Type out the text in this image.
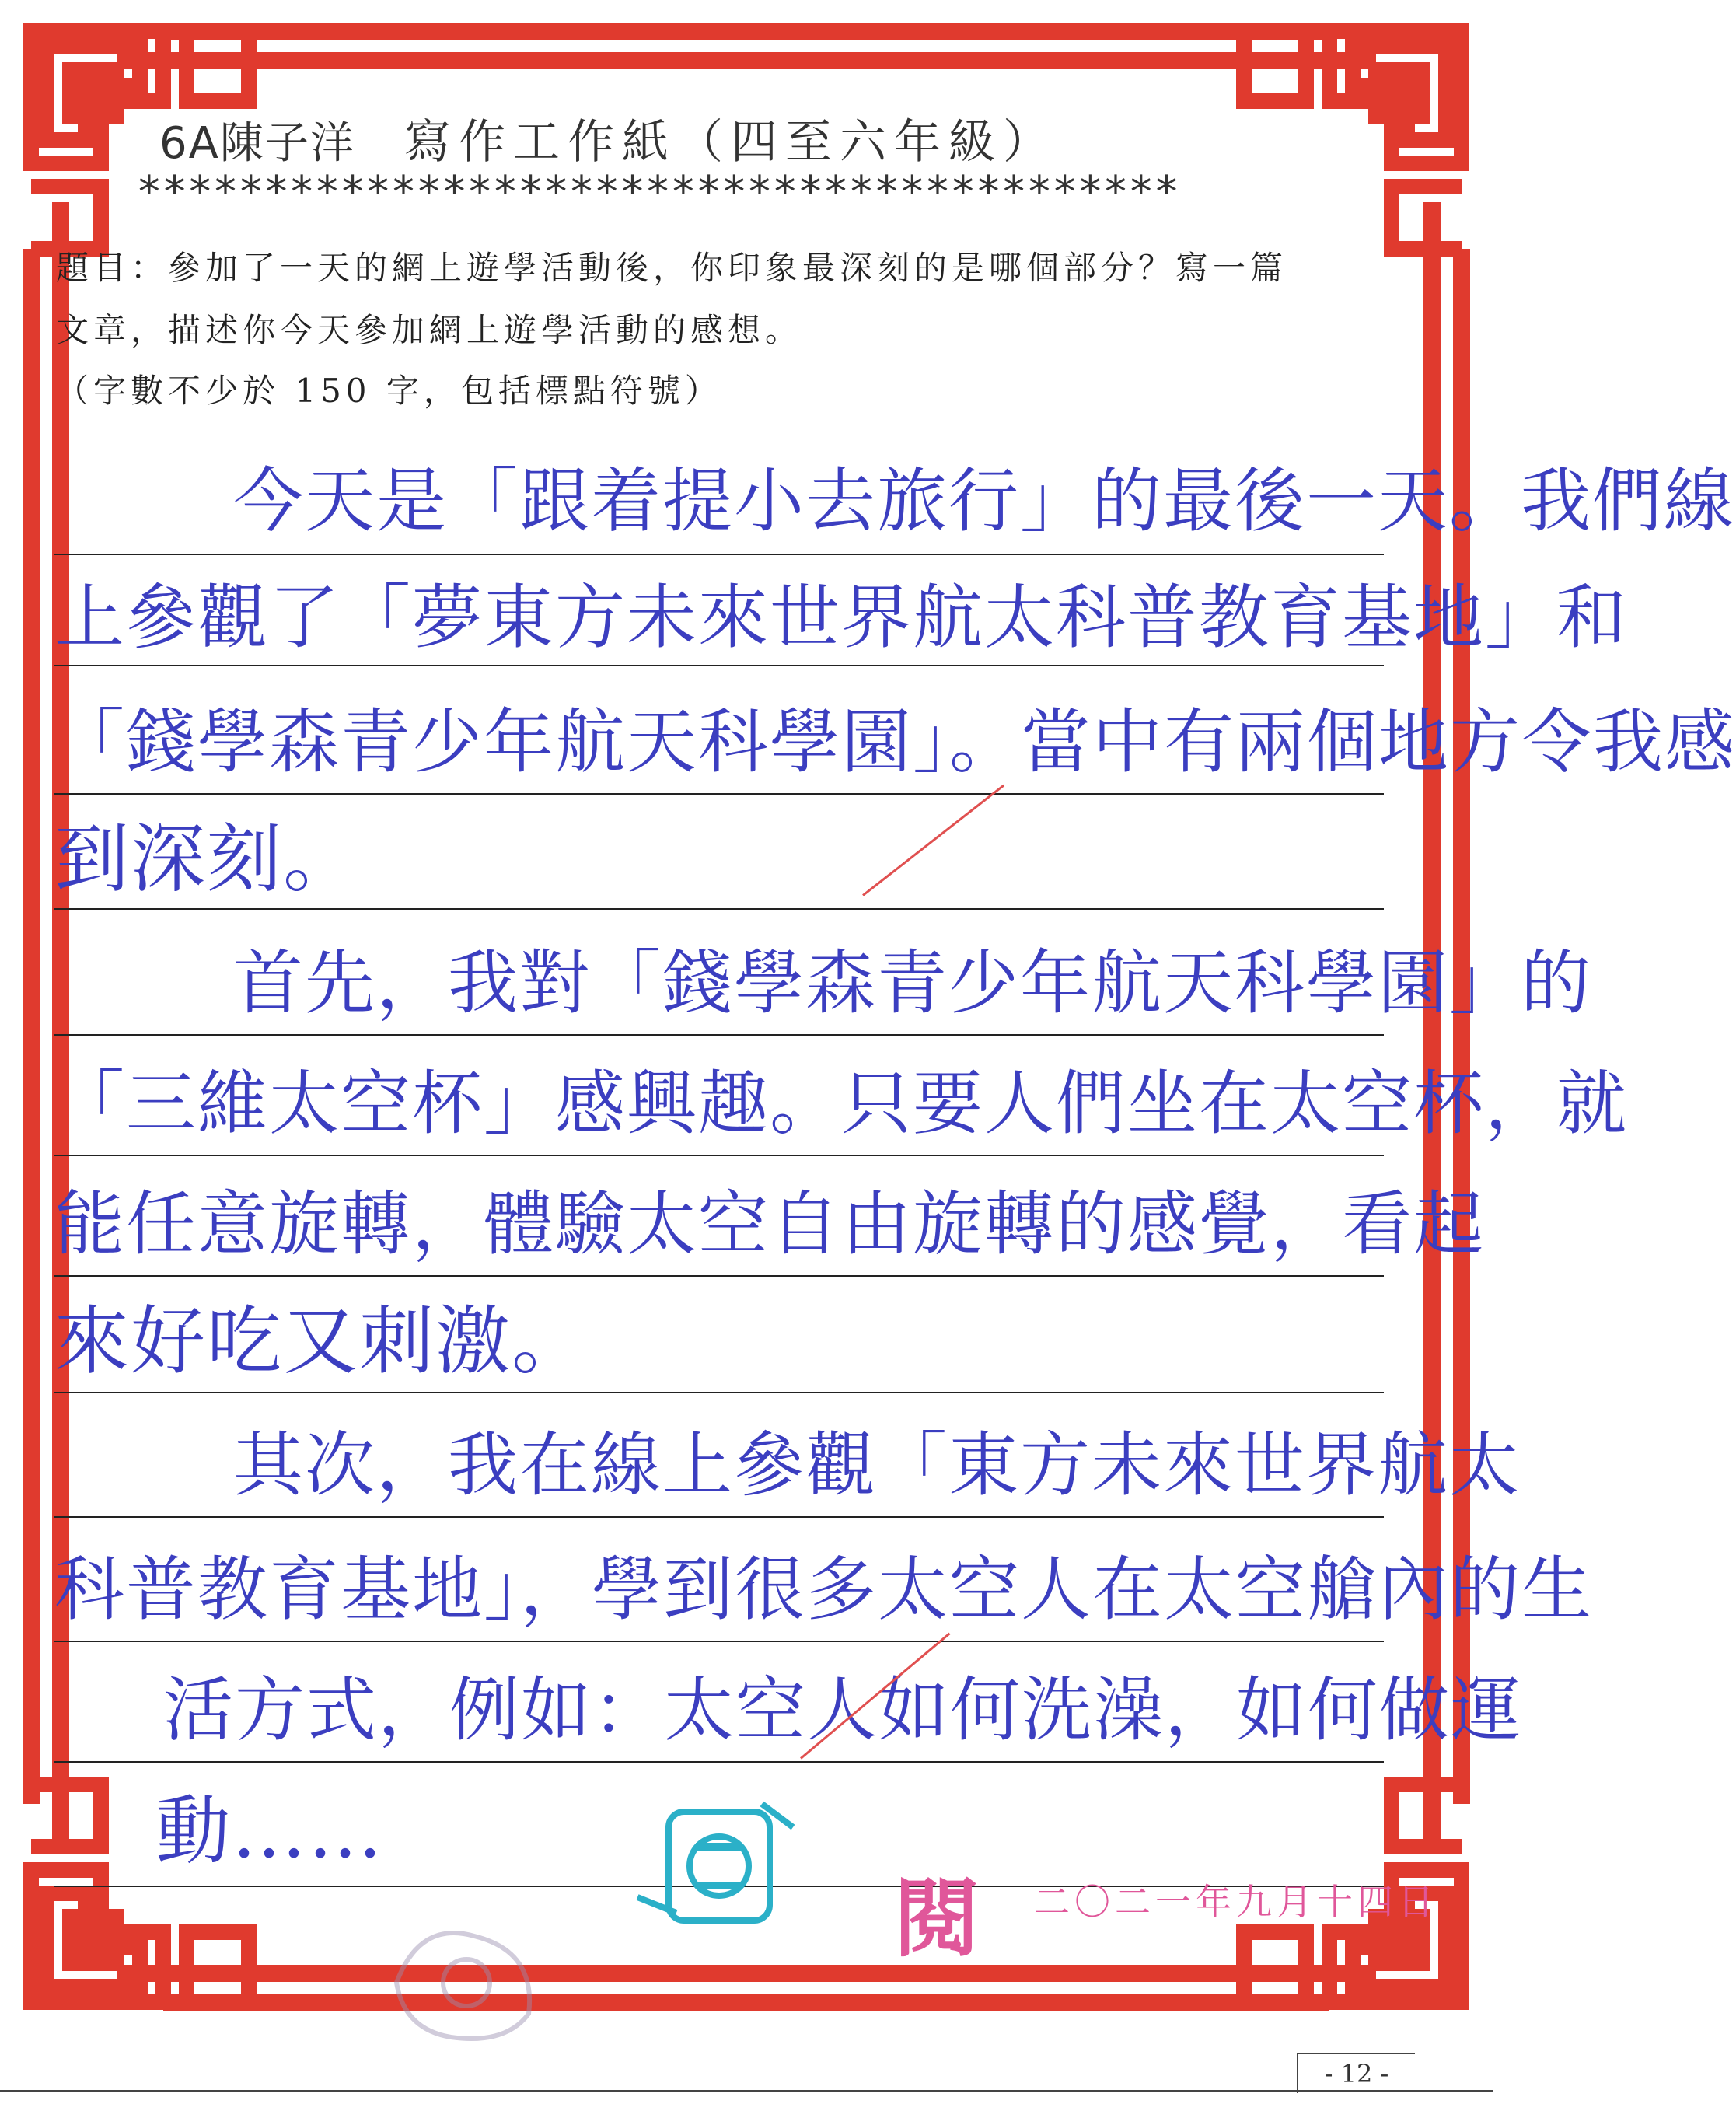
6A陳子洋 寫作工作紙（四至六年級）
*****************************************
題目：參加了一天的網上遊學活動後，你印象最深刻的是哪個部分？寫一篇
文章，描述你今天參加網上遊學活動的感想。
（字數不少於 150 字，包括標點符號）
今天是「跟着提小去旅行」的最後一天。我們線
上參觀了「夢東方未來世界航太科普教育基地」和
「錢學森青少年航天科學園」。當中有兩個地方令我感
到深刻。
首先，我對「錢學森青少年航天科學園」的
「三維太空杯」感興趣。只要人們坐在太空杯，就
能任意旋轉，體驗太空自由旋轉的感覺，看起
來好吃又刺激。
其次，我在線上參觀「東方未來世界航太
科普教育基地」，學到很多太空人在太空艙內的生
活方式，例如：太空人如何洗澡，如何做運
動……
閱 二〇二一年九月十四日
- 12 -
